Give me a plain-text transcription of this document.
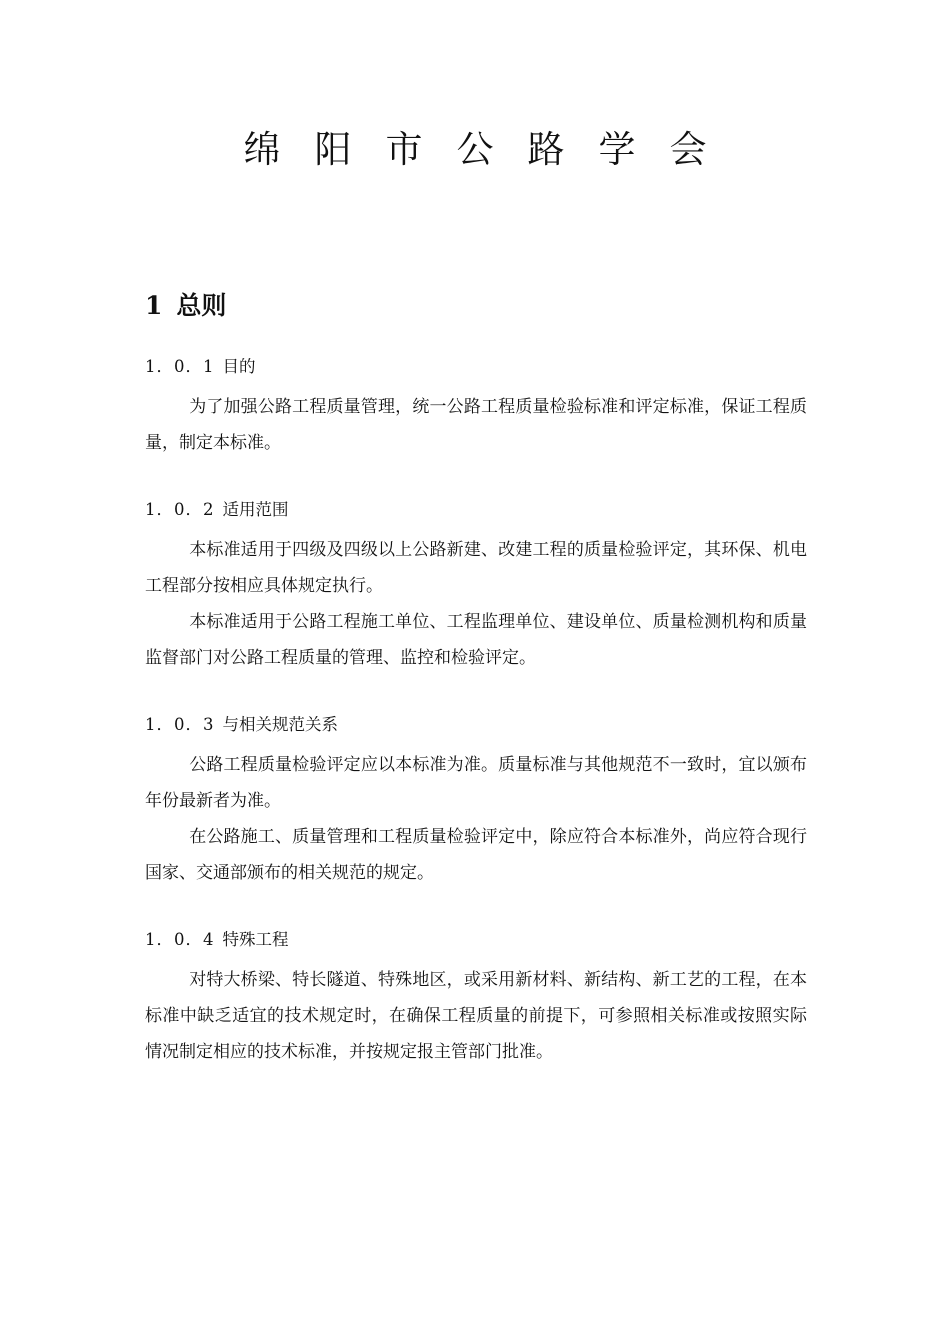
绵阳市公路学会
1 总则
1．0．1 目的

为了加强公路工程质量管理，统一公路工程质量检验标准和评定标准，保证工程质量，制定本标准。

1．0．2 适用范围

本标准适用于四级及四级以上公路新建、改建工程的质量检验评定，其环保、机电工程部分按相应具体规定执行。

本标准适用于公路工程施工单位、工程监理单位、建设单位、质量检测机构和质量监督部门对公路工程质量的管理、监控和检验评定。

1．0．3 与相关规范关系

公路工程质量检验评定应以本标准为准。质量标准与其他规范不一致时，宜以颁布年份最新者为准。

在公路施工、质量管理和工程质量检验评定中，除应符合本标准外，尚应符合现行国家、交通部颁布的相关规范的规定。

1．0．4 特殊工程

对特大桥梁、特长隧道、特殊地区，或采用新材料、新结构、新工艺的工程，在本标准中缺乏适宜的技术规定时，在确保工程质量的前提下，可参照相关标准或按照实际情况制定相应的技术标准，并按规定报主管部门批准。
